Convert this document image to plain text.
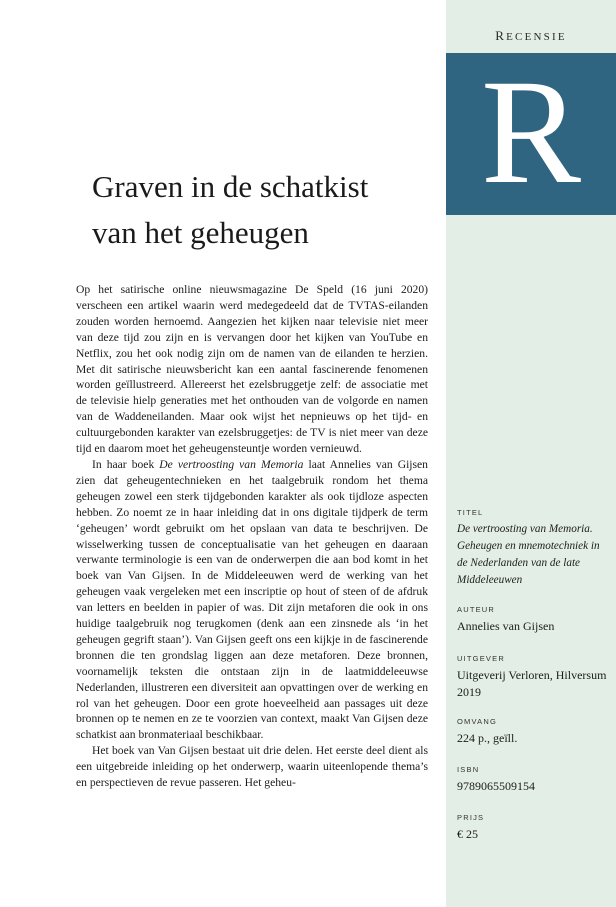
RECENSIE
R
Graven in de schatkist
van het geheugen

Op het satirische online nieuwsmagazine De Speld (16 juni 2020) verscheen een artikel waarin werd medegedeeld dat de TVTAS-eilanden zouden worden hernoemd. Aangezien het kijken naar televisie niet meer van deze tijd zou zijn en is vervangen door het kijken van YouTube en Netflix, zou het ook nodig zijn om de namen van de eilanden te herzien. Met dit satirische nieuwsbericht kan een aantal fascinerende fenomenen worden geïllustreerd. Allereerst het ezelsbruggetje zelf: de associatie met de televisie hielp generaties met het onthouden van de volgorde en namen van de Waddeneilanden. Maar ook wijst het nepnieuws op het tijd- en cultuurgebonden karakter van ezelsbruggetjes: de TV is niet meer van deze tijd en daarom moet het geheugensteuntje worden vernieuwd.

In haar boek De vertroosting van Memoria laat Annelies van Gijsen zien dat geheugentechnieken en het taalgebruik rondom het thema geheugen zowel een sterk tijdgebonden karakter als ook tijdloze aspecten hebben. Zo noemt ze in haar inleiding dat in ons digitale tijdperk de term ‘geheugen’ wordt gebruikt om het opslaan van data te beschrijven. De wisselwerking tussen de conceptualisatie van het geheugen en daaraan verwante terminologie is een van de onderwerpen die aan bod komt in het boek van Van Gijsen. In de Middeleeuwen werd de werking van het geheugen vaak vergeleken met een inscriptie op hout of steen of de afdruk van letters en beelden in papier of was. Dit zijn metaforen die ook in ons huidige taalgebruik nog terugkomen (denk aan een zinsnede als ‘in het geheugen gegrift staan’). Van Gijsen geeft ons een kijkje in de fascinerende bronnen die ten grondslag liggen aan deze metaforen. Deze bronnen, voornamelijk teksten die ontstaan zijn in de laatmiddeleeuwse Nederlanden, illustreren een diversiteit aan opvattingen over de werking en rol van het geheugen. Door een grote hoeveelheid aan passages uit deze bronnen op te nemen en ze te voorzien van context, maakt Van Gijsen deze schatkist aan bronmateriaal beschikbaar.

Het boek van Van Gijsen bestaat uit drie delen. Het eerste deel dient als een uitgebreide inleiding op het onderwerp, waarin uiteenlopende thema’s en perspectieven de revue passeren. Het geheu-

TITEL

De vertroosting van Memoria. Geheugen en mnemotechniek in de Nederlanden van de late Middeleeuwen

AUTEUR

Annelies van Gijsen

UITGEVER

Uitgeverij Verloren, Hilversum 2019

OMVANG

224 p., geïll.

ISBN

9789065509154

PRIJS

€ 25
